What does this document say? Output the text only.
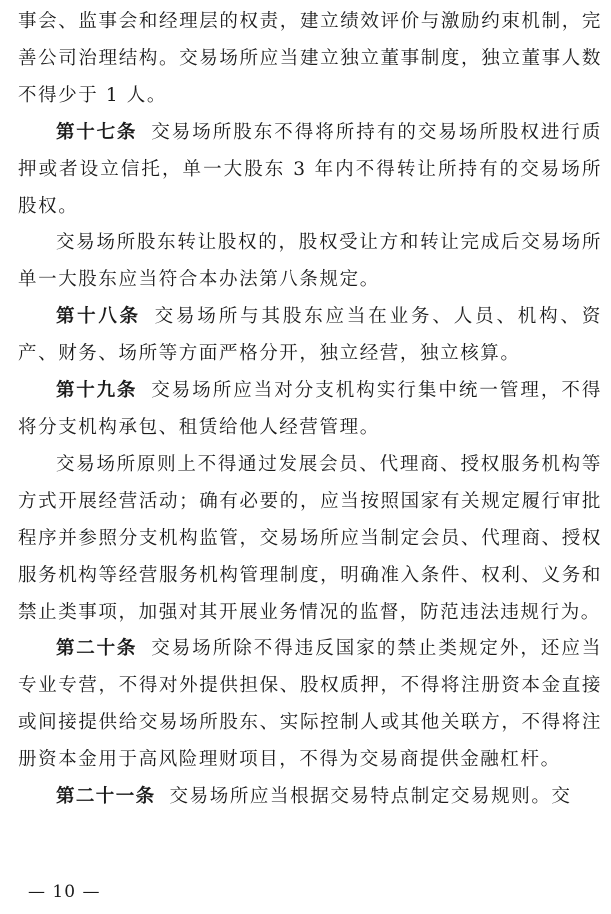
事会、监事会和经理层的权责，建立绩效评价与激励约束机制，完善公司治理结构。交易场所应当建立独立董事制度，独立董事人数不得少于 1 人。

第十七条 交易场所股东不得将所持有的交易场所股权进行质押或者设立信托，单一大股东 3 年内不得转让所持有的交易场所股权。

交易场所股东转让股权的，股权受让方和转让完成后交易场所单一大股东应当符合本办法第八条规定。

第十八条 交易场所与其股东应当在业务、人员、机构、资产、财务、场所等方面严格分开，独立经营，独立核算。

第十九条 交易场所应当对分支机构实行集中统一管理，不得将分支机构承包、租赁给他人经营管理。

交易场所原则上不得通过发展会员、代理商、授权服务机构等方式开展经营活动；确有必要的，应当按照国家有关规定履行审批程序并参照分支机构监管，交易场所应当制定会员、代理商、授权服务机构等经营服务机构管理制度，明确准入条件、权利、义务和禁止类事项，加强对其开展业务情况的监督，防范违法违规行为。

第二十条 交易场所除不得违反国家的禁止类规定外，还应当专业专营，不得对外提供担保、股权质押，不得将注册资本金直接或间接提供给交易场所股东、实际控制人或其他关联方，不得将注册资本金用于高风险理财项目，不得为交易商提供金融杠杆。

第二十一条 交易场所应当根据交易特点制定交易规则。交

— 10 —
